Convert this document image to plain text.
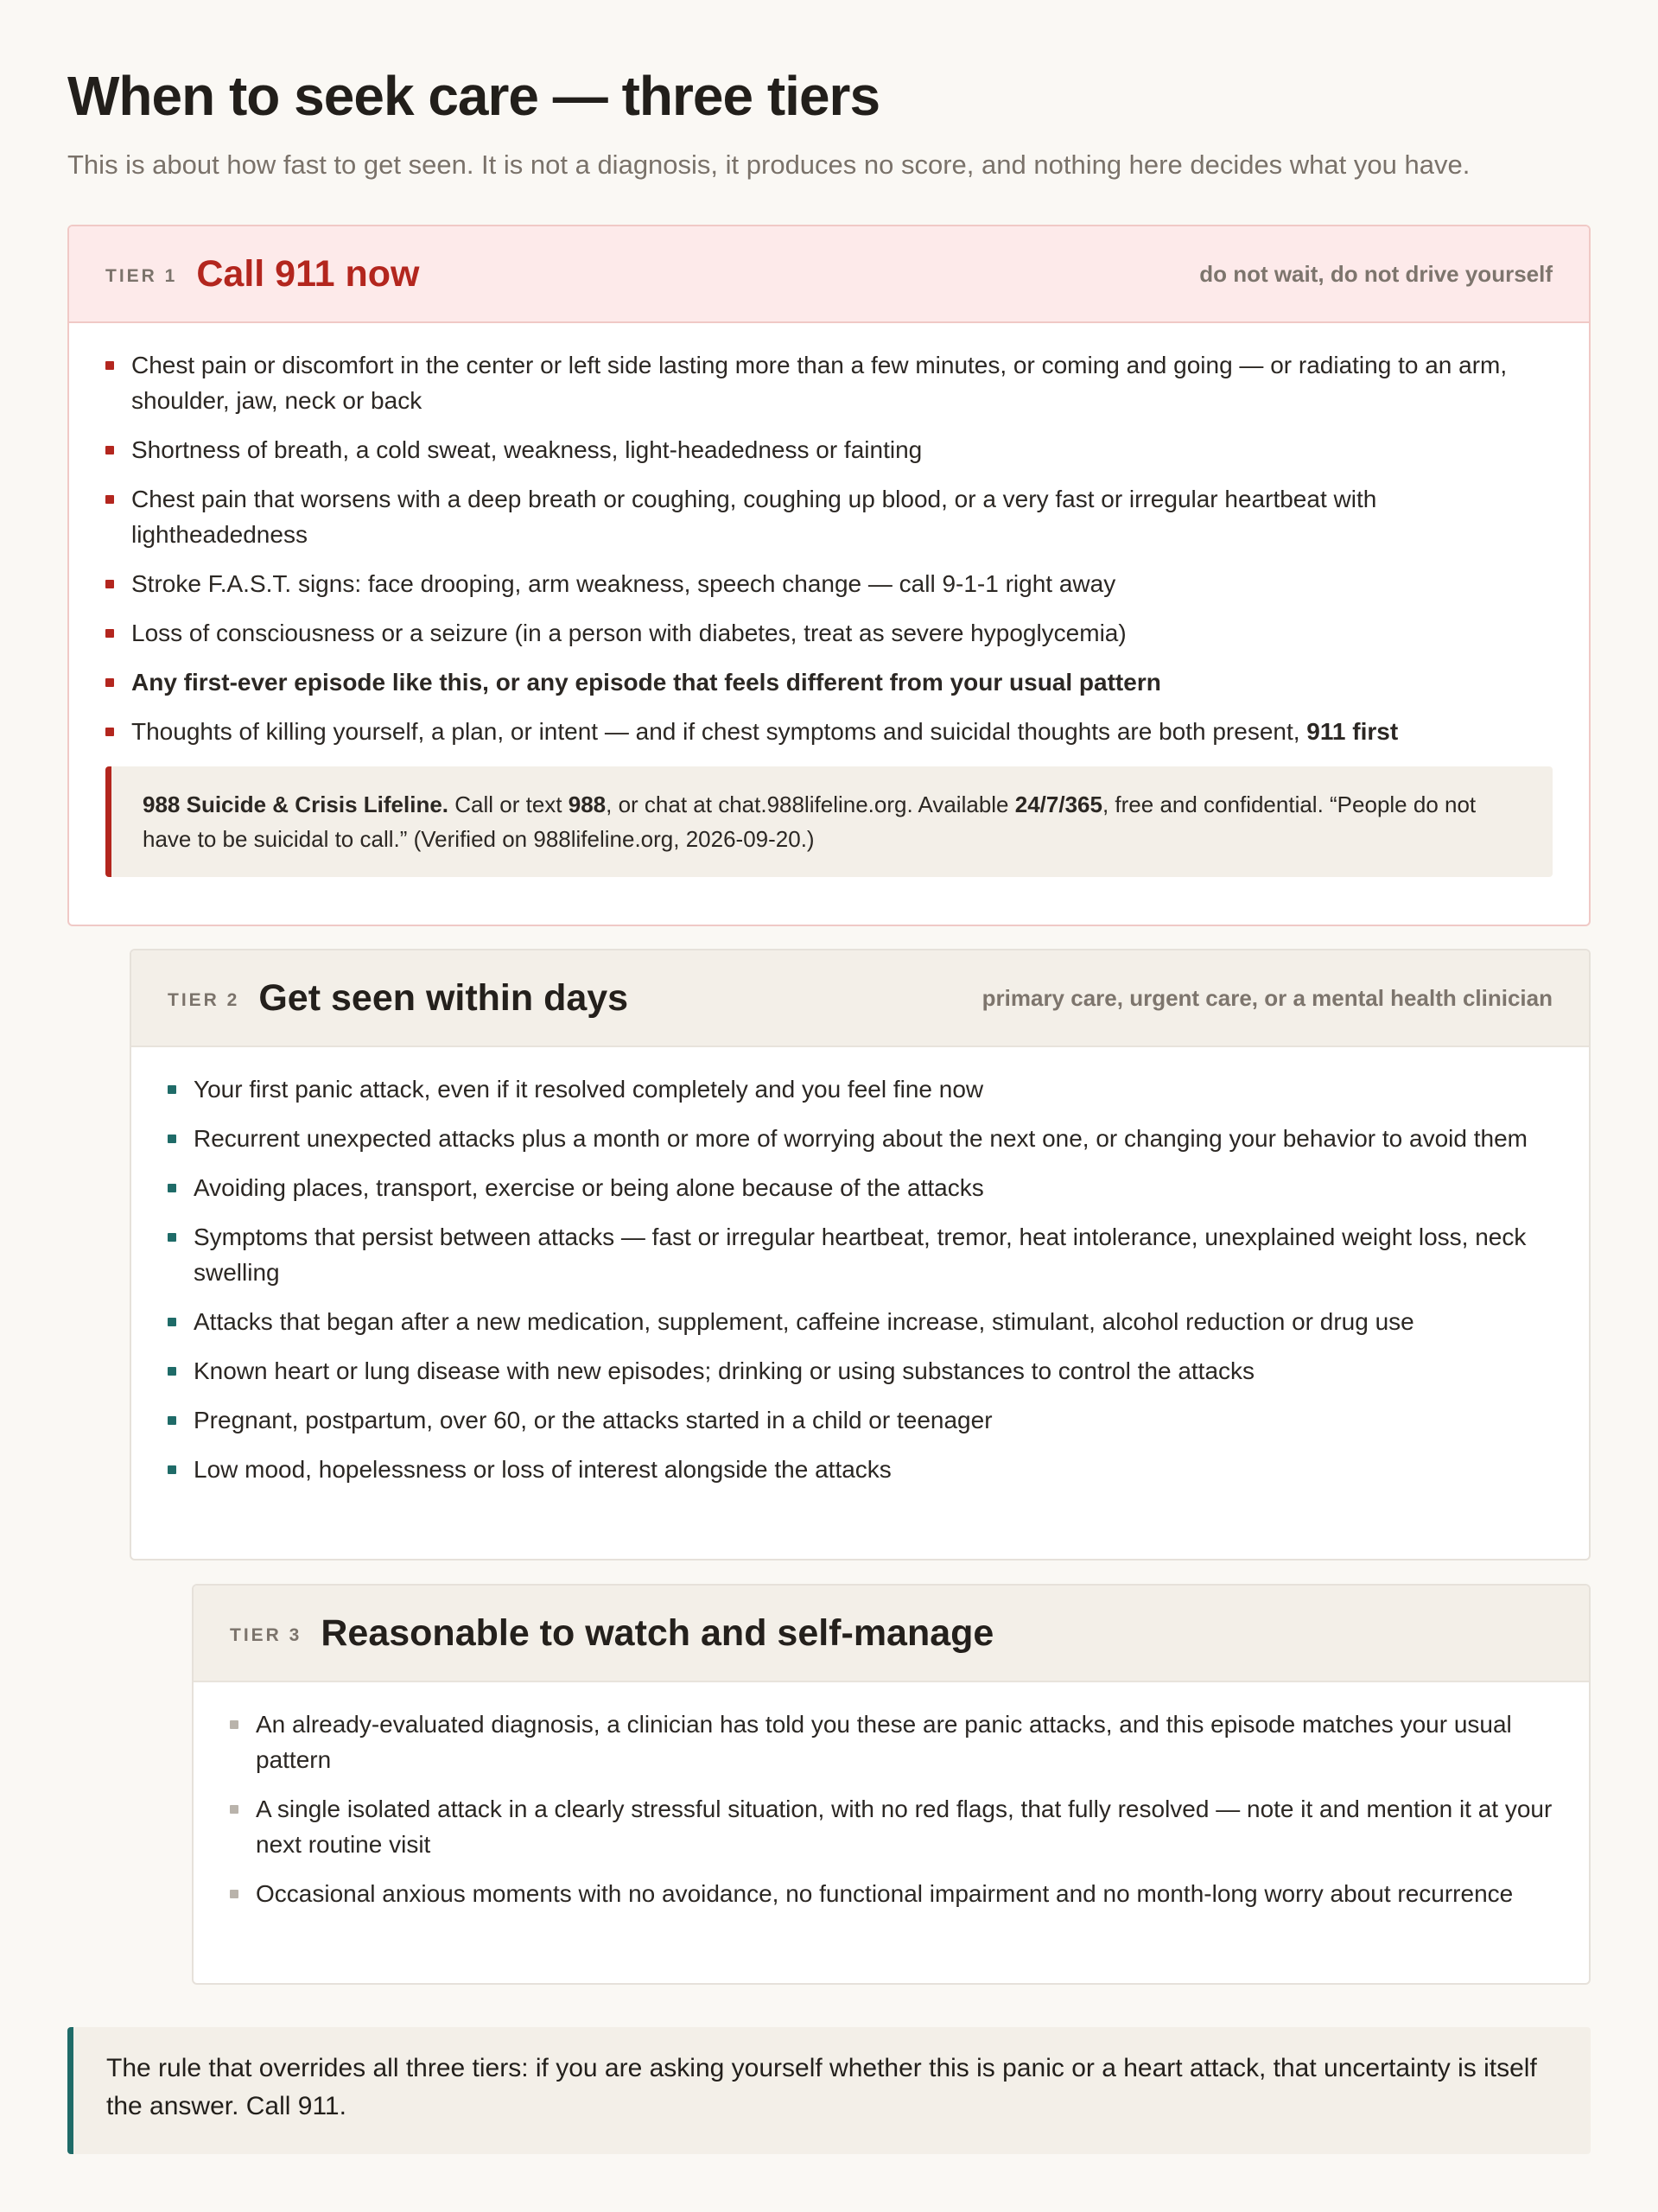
When to seek care — three tiers

This is about how fast to get seen. It is not a diagnosis, it produces no score, and nothing here decides what you have.

TIER 1 Call 911 now	do not wait, do not drive yourself
Chest pain or discomfort in the center or left side lasting more than a few minutes, or coming and going — or radiating to an arm, shoulder, jaw, neck or back
Shortness of breath, a cold sweat, weakness, light-headedness or fainting
Chest pain that worsens with a deep breath or coughing, coughing up blood, or a very fast or irregular heartbeat with lightheadedness
Stroke F.A.S.T. signs: face drooping, arm weakness, speech change — call 9-1-1 right away
Loss of consciousness or a seizure (in a person with diabetes, treat as severe hypoglycemia)
Any first-ever episode like this, or any episode that feels different from your usual pattern
Thoughts of killing yourself, a plan, or intent — and if chest symptoms and suicidal thoughts are both present, 911 first
988 Suicide & Crisis Lifeline. Call or text 988, or chat at chat.988lifeline.org. Available 24/7/365, free and confidential. “People do not have to be suicidal to call.” (Verified on 988lifeline.org, 2026-09-20.)
TIER 2 Get seen within days	primary care, urgent care, or a mental health clinician
Your first panic attack, even if it resolved completely and you feel fine now
Recurrent unexpected attacks plus a month or more of worrying about the next one, or changing your behavior to avoid them
Avoiding places, transport, exercise or being alone because of the attacks
Symptoms that persist between attacks — fast or irregular heartbeat, tremor, heat intolerance, unexplained weight loss, neck swelling
Attacks that began after a new medication, supplement, caffeine increase, stimulant, alcohol reduction or drug use
Known heart or lung disease with new episodes; drinking or using substances to control the attacks
Pregnant, postpartum, over 60, or the attacks started in a child or teenager
Low mood, hopelessness or loss of interest alongside the attacks
TIER 3 Reasonable to watch and self-manage
An already-evaluated diagnosis, a clinician has told you these are panic attacks, and this episode matches your usual pattern
A single isolated attack in a clearly stressful situation, with no red flags, that fully resolved — note it and mention it at your next routine visit
Occasional anxious moments with no avoidance, no functional impairment and no month-long worry about recurrence
The rule that overrides all three tiers: if you are asking yourself whether this is panic or a heart attack, that uncertainty is itself the answer. Call 911.
